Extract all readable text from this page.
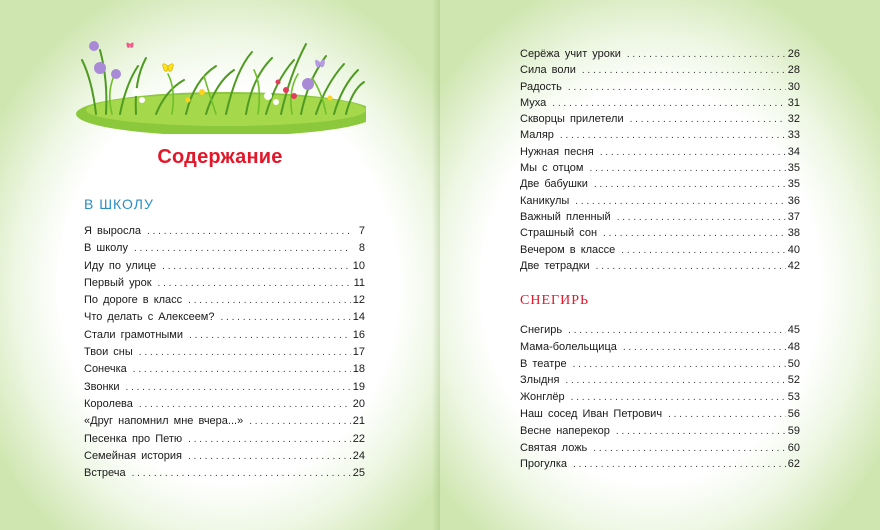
Содержание
В ШКОЛУ
Я выросла . . .	7
В школу . . .	8
Иду по улице . . .	10
Первый урок . . .	11
По дороге в класс . . .	12
Что делать с Алексеем? . . .	14
Стали грамотными . . .	16
Твои сны . . .	17
Сонечка . . .	18
Звонки . . .	19
Королева . . .	20
«Друг напомнил мне вчера...» . . .	21
Песенка про Петю . . .	22
Семейная история . . .	24
Встреча . . .	25
Серёжа учит уроки . . .	26
Сила воли . . .	28
Радость . . .	30
Муха . . .	31
Скворцы прилетели . . .	32
Маляр . . .	33
Нужная песня . . .	34
Мы с отцом . . .	35
Две бабушки . . .	35
Каникулы . . .	36
Важный пленный . . .	37
Страшный сон . . .	38
Вечером в классе . . .	40
Две тетрадки . . .	42
СНЕГИРЬ
Снегирь . . .	45
Мама-болельщица . . .	48
В театре . . .	50
Злыдня . . .	52
Жонглёр . . .	53
Наш сосед Иван Петрович . . .	56
Весне наперекор . . .	59
Святая ложь . . .	60
Прогулка . . .	62
